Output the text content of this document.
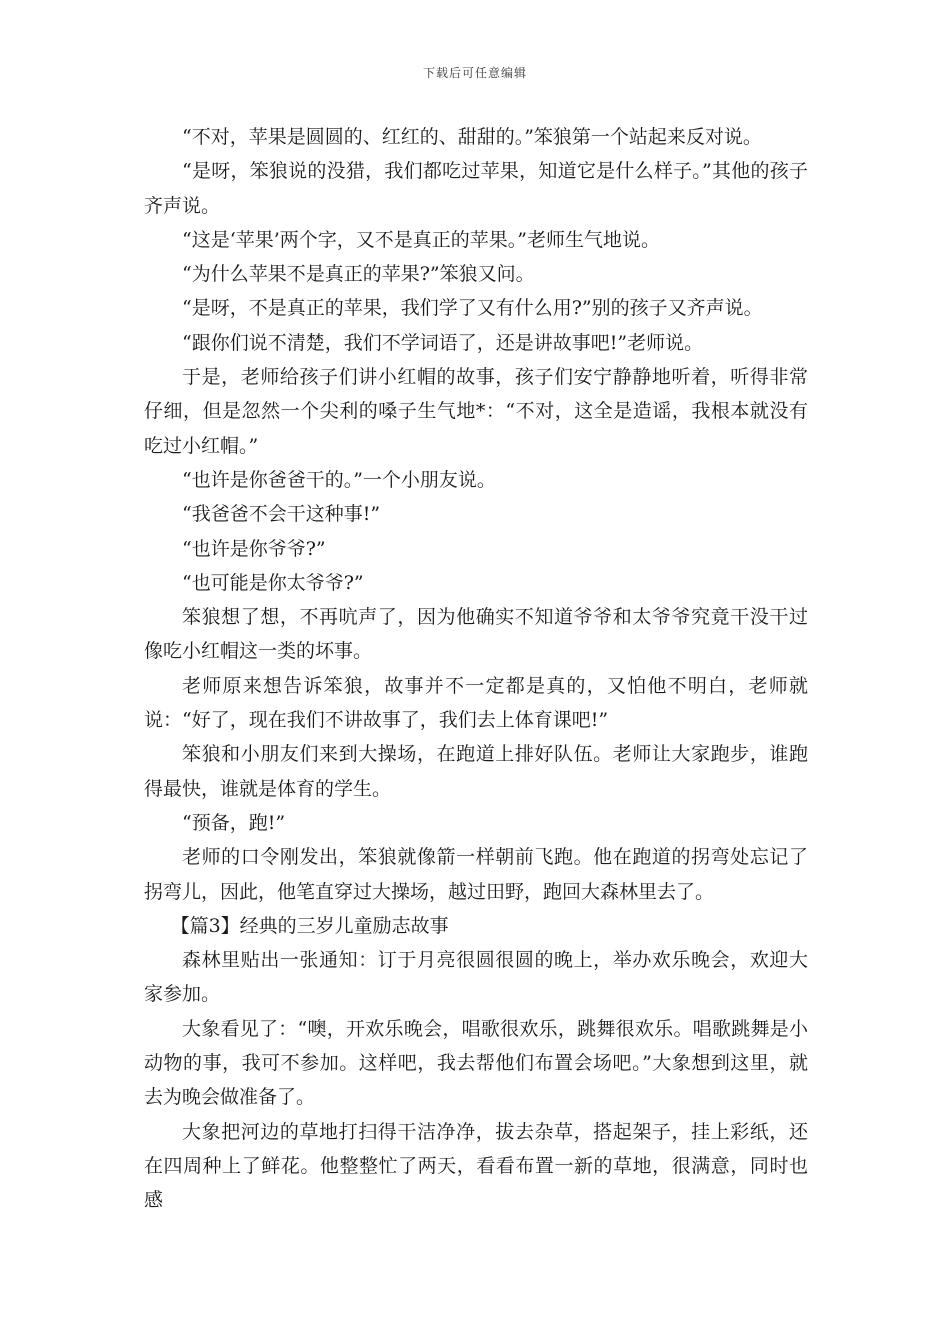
下载后可任意编辑

“不对，苹果是圆圆的、红红的、甜甜的。”笨狼第一个站起来反对说。

“是呀，笨狼说的没猎，我们都吃过苹果，知道它是什么样子。”其他的孩子齐声说。

“这是‘苹果’两个字，又不是真正的苹果。”老师生气地说。

“为什么苹果不是真正的苹果?”笨狼又问。

“是呀，不是真正的苹果，我们学了又有什么用?”别的孩子又齐声说。

“跟你们说不清楚，我们不学词语了，还是讲故事吧!”老师说。

于是，老师给孩子们讲小红帽的故事，孩子们安宁静静地听着，听得非常仔细，但是忽然一个尖利的嗓子生气地*：“不对，这全是造谣，我根本就没有吃过小红帽。”

“也许是你爸爸干的。”一个小朋友说。

“我爸爸不会干这种事!”

“也许是你爷爷?”

“也可能是你太爷爷?”

笨狼想了想，不再吭声了，因为他确实不知道爷爷和太爷爷究竟干没干过像吃小红帽这一类的坏事。

老师原来想告诉笨狼，故事并不一定都是真的，又怕他不明白，老师就说：“好了，现在我们不讲故事了，我们去上体育课吧!”

笨狼和小朋友们来到大操场，在跑道上排好队伍。老师让大家跑步，谁跑得最快，谁就是体育的学生。

“预备，跑!”

老师的口令刚发出，笨狼就像箭一样朝前飞跑。他在跑道的拐弯处忘记了拐弯儿，因此，他笔直穿过大操场，越过田野，跑回大森林里去了。

【篇3】经典的三岁儿童励志故事

森林里贴出一张通知：订于月亮很圆很圆的晚上，举办欢乐晚会，欢迎大家参加。

大象看见了：“噢，开欢乐晚会，唱歌很欢乐，跳舞很欢乐。唱歌跳舞是小动物的事，我可不参加。这样吧，我去帮他们布置会场吧。”大象想到这里，就去为晚会做准备了。

大象把河边的草地打扫得干洁净净，拔去杂草，搭起架子，挂上彩纸，还在四周种上了鲜花。他整整忙了两天，看看布置一新的草地，很满意，同时也感
